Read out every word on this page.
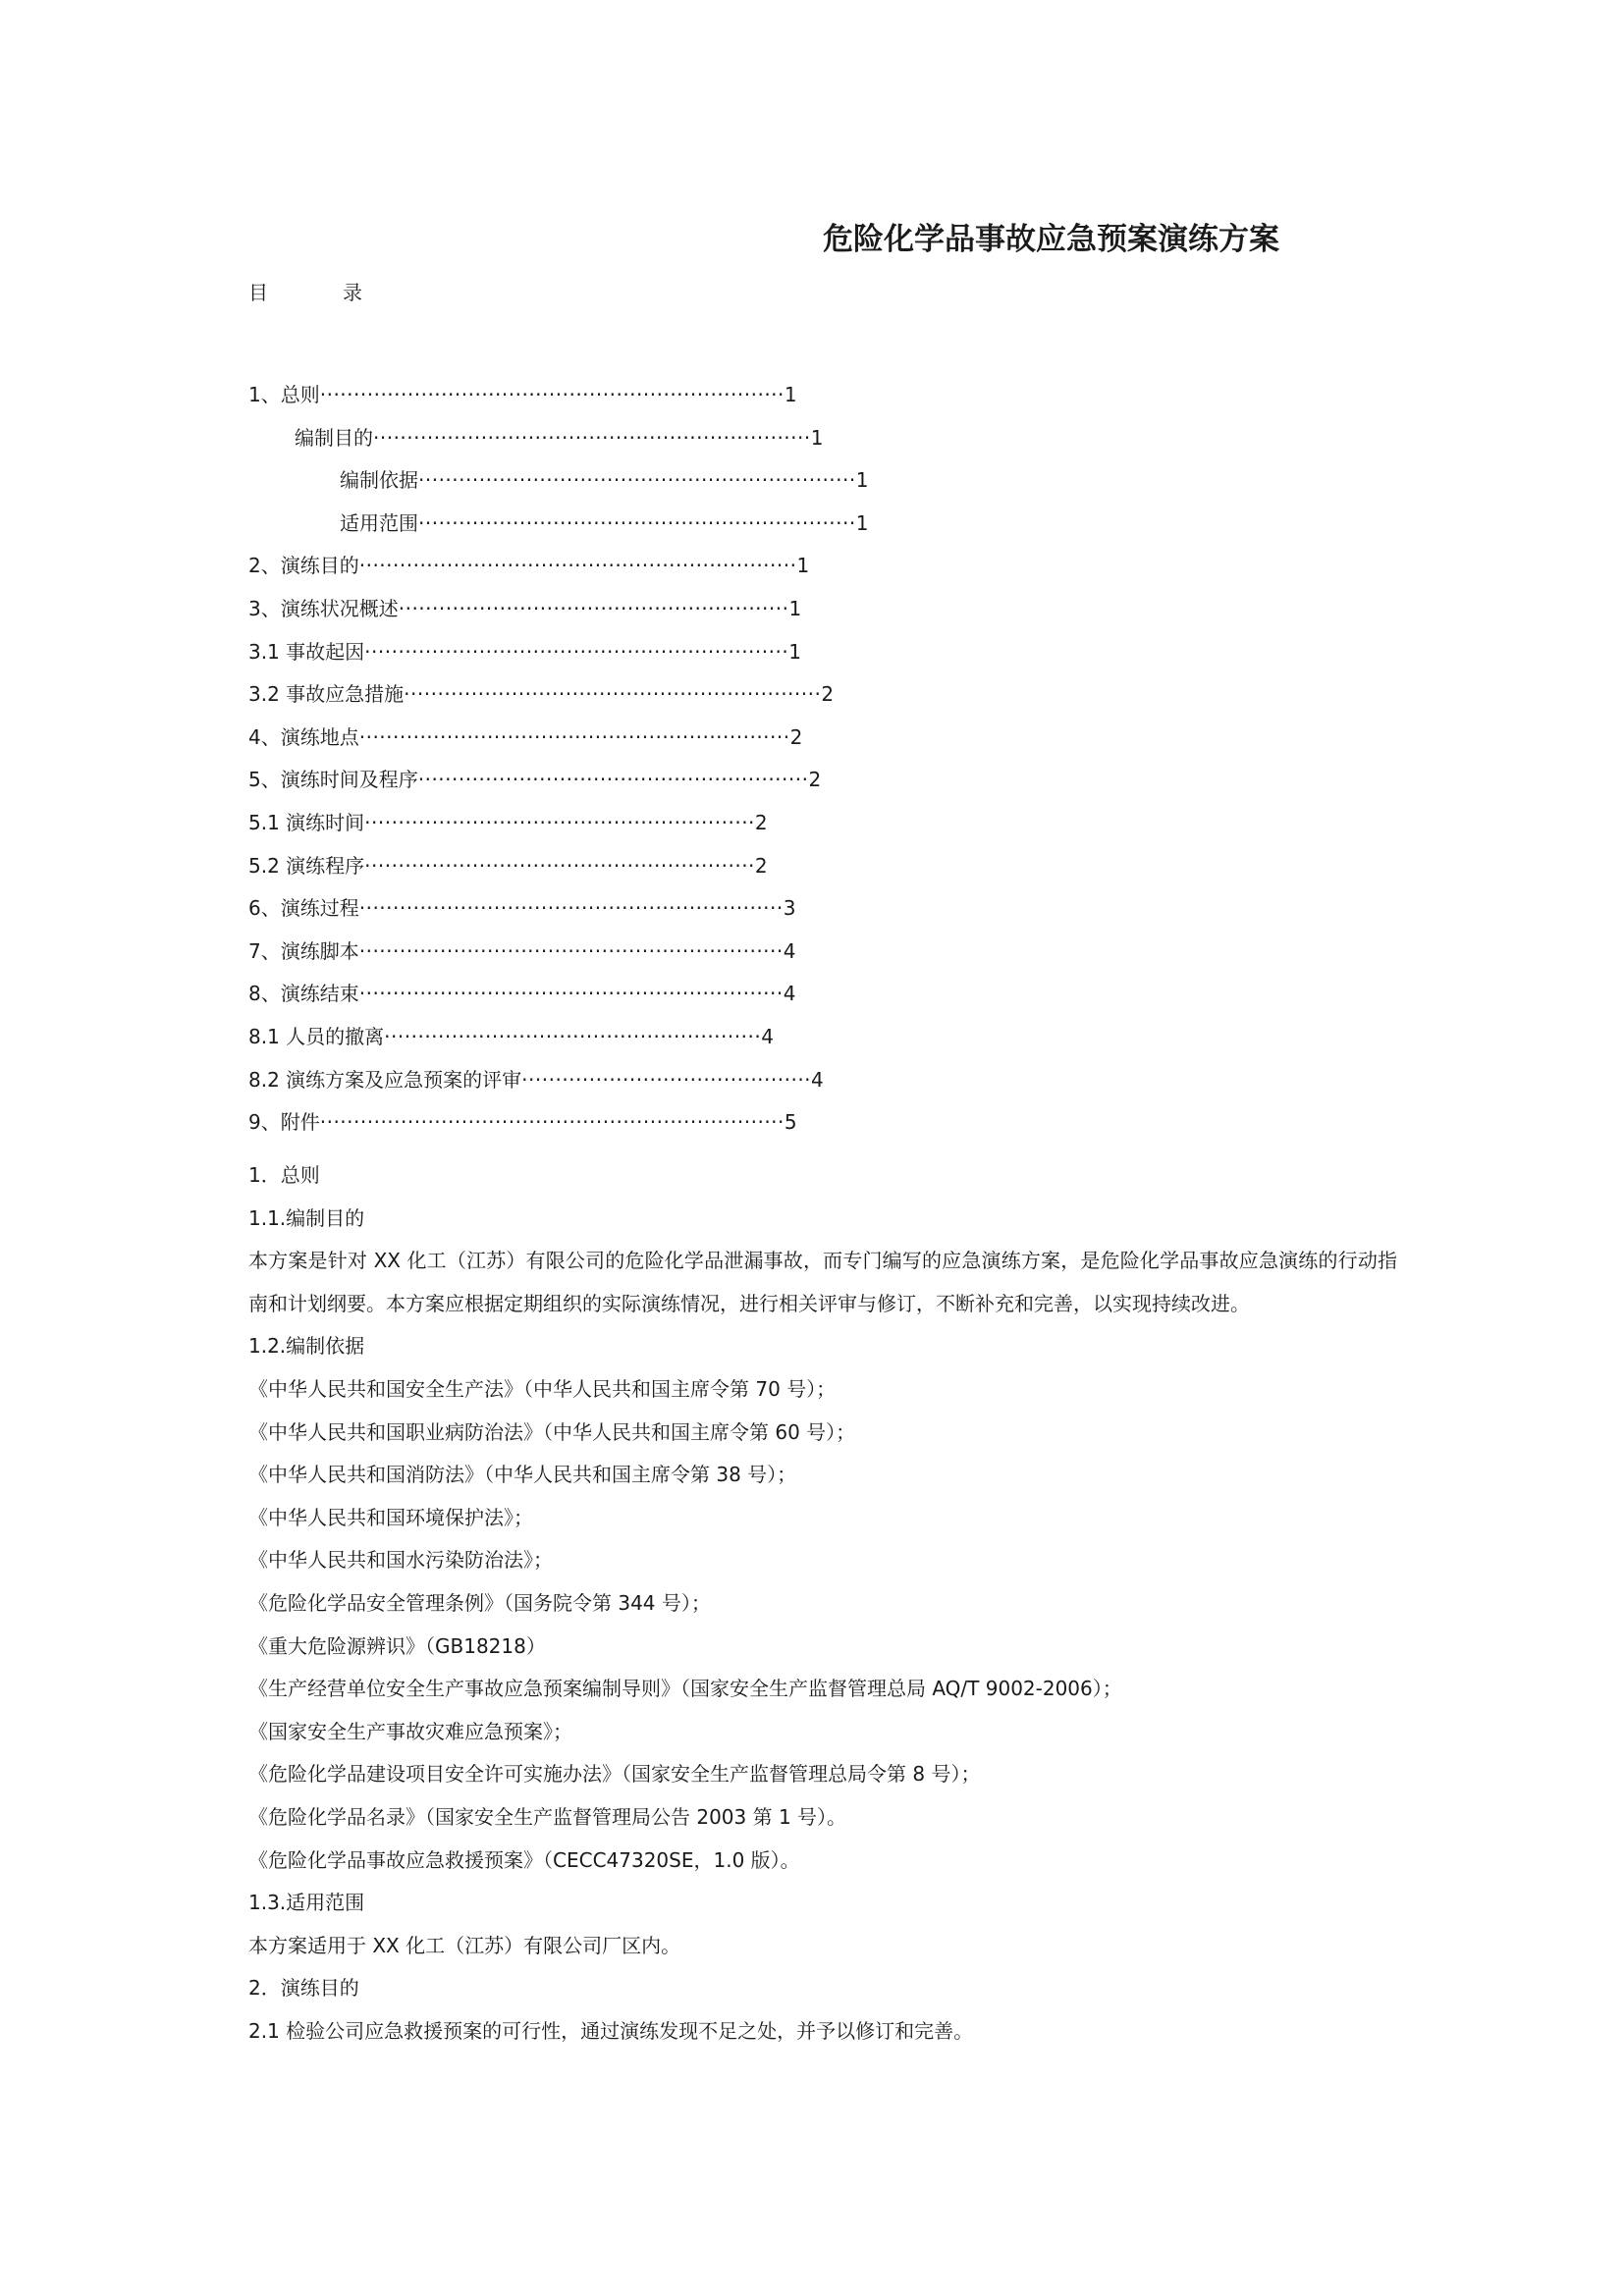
危险化学品事故应急预案演练方案
目	录
1、总则·····································································1
编制目的·································································1
编制依据·································································1
适用范围·································································1
2、演练目的·································································1
3、演练状况概述··························································1
3.1 事故起因·······························································1
3.2 事故应急措施······························································2
4、演练地点································································2
5、演练时间及程序··························································2
5.1 演练时间··························································2
5.2 演练程序··························································2
6、演练过程·······························································3
7、演练脚本·······························································4
8、演练结束·······························································4
8.1 人员的撤离························································4
8.2 演练方案及应急预案的评审···········································4
9、附件·····································································5
1．总则
1.1.编制目的
本方案是针对 XX 化工（江苏）有限公司的危险化学品泄漏事故，而专门编写的应急演练方案，是危险化学品事故应急演练的行动指南和计划纲要。本方案应根据定期组织的实际演练情况，进行相关评审与修订，不断补充和完善，以实现持续改进。
1.2.编制依据
《中华人民共和国安全生产法》（中华人民共和国主席令第 70 号）；
《中华人民共和国职业病防治法》（中华人民共和国主席令第 60 号）；
《中华人民共和国消防法》（中华人民共和国主席令第 38 号）；
《中华人民共和国环境保护法》；
《中华人民共和国水污染防治法》；
《危险化学品安全管理条例》（国务院令第 344 号）；
《重大危险源辨识》（GB18218）
《生产经营单位安全生产事故应急预案编制导则》（国家安全生产监督管理总局 AQ/T 9002-2006）；
《国家安全生产事故灾难应急预案》；
《危险化学品建设项目安全许可实施办法》（国家安全生产监督管理总局令第 8 号）；
《危险化学品名录》（国家安全生产监督管理局公告 2003 第 1 号）。
《危险化学品事故应急救援预案》（CECC47320SE，1.0 版）。
1.3.适用范围
本方案适用于 XX 化工（江苏）有限公司厂区内。
2．演练目的
2.1 检验公司应急救援预案的可行性，通过演练发现不足之处，并予以修订和完善。
